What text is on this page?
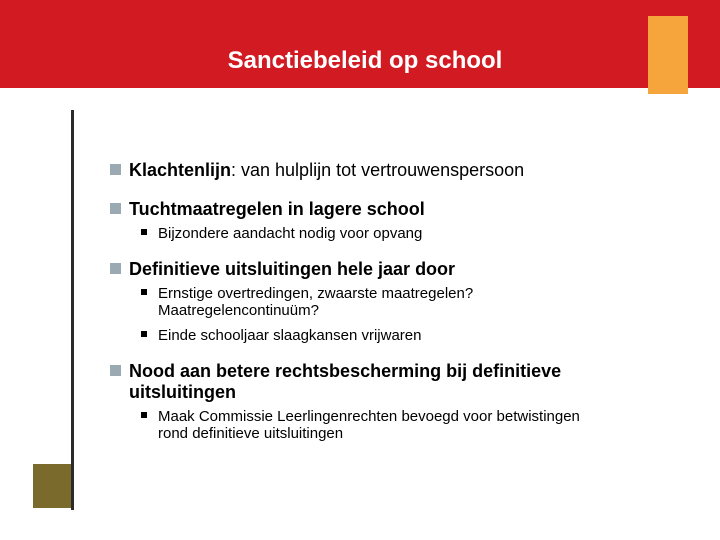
Sanctiebeleid op school
Klachtenlijn: van hulplijn tot vertrouwenspersoon
Tuchtmaatregelen in lagere school
Bijzondere aandacht nodig voor opvang
Definitieve uitsluitingen hele jaar door
Ernstige overtredingen, zwaarste maatregelen?
Maatregelencontinuüm?
Einde schooljaar slaagkansen vrijwaren
Nood aan betere rechtsbescherming bij definitieve
uitsluitingen
Maak Commissie Leerlingenrechten bevoegd voor betwistingen
rond definitieve uitsluitingen
